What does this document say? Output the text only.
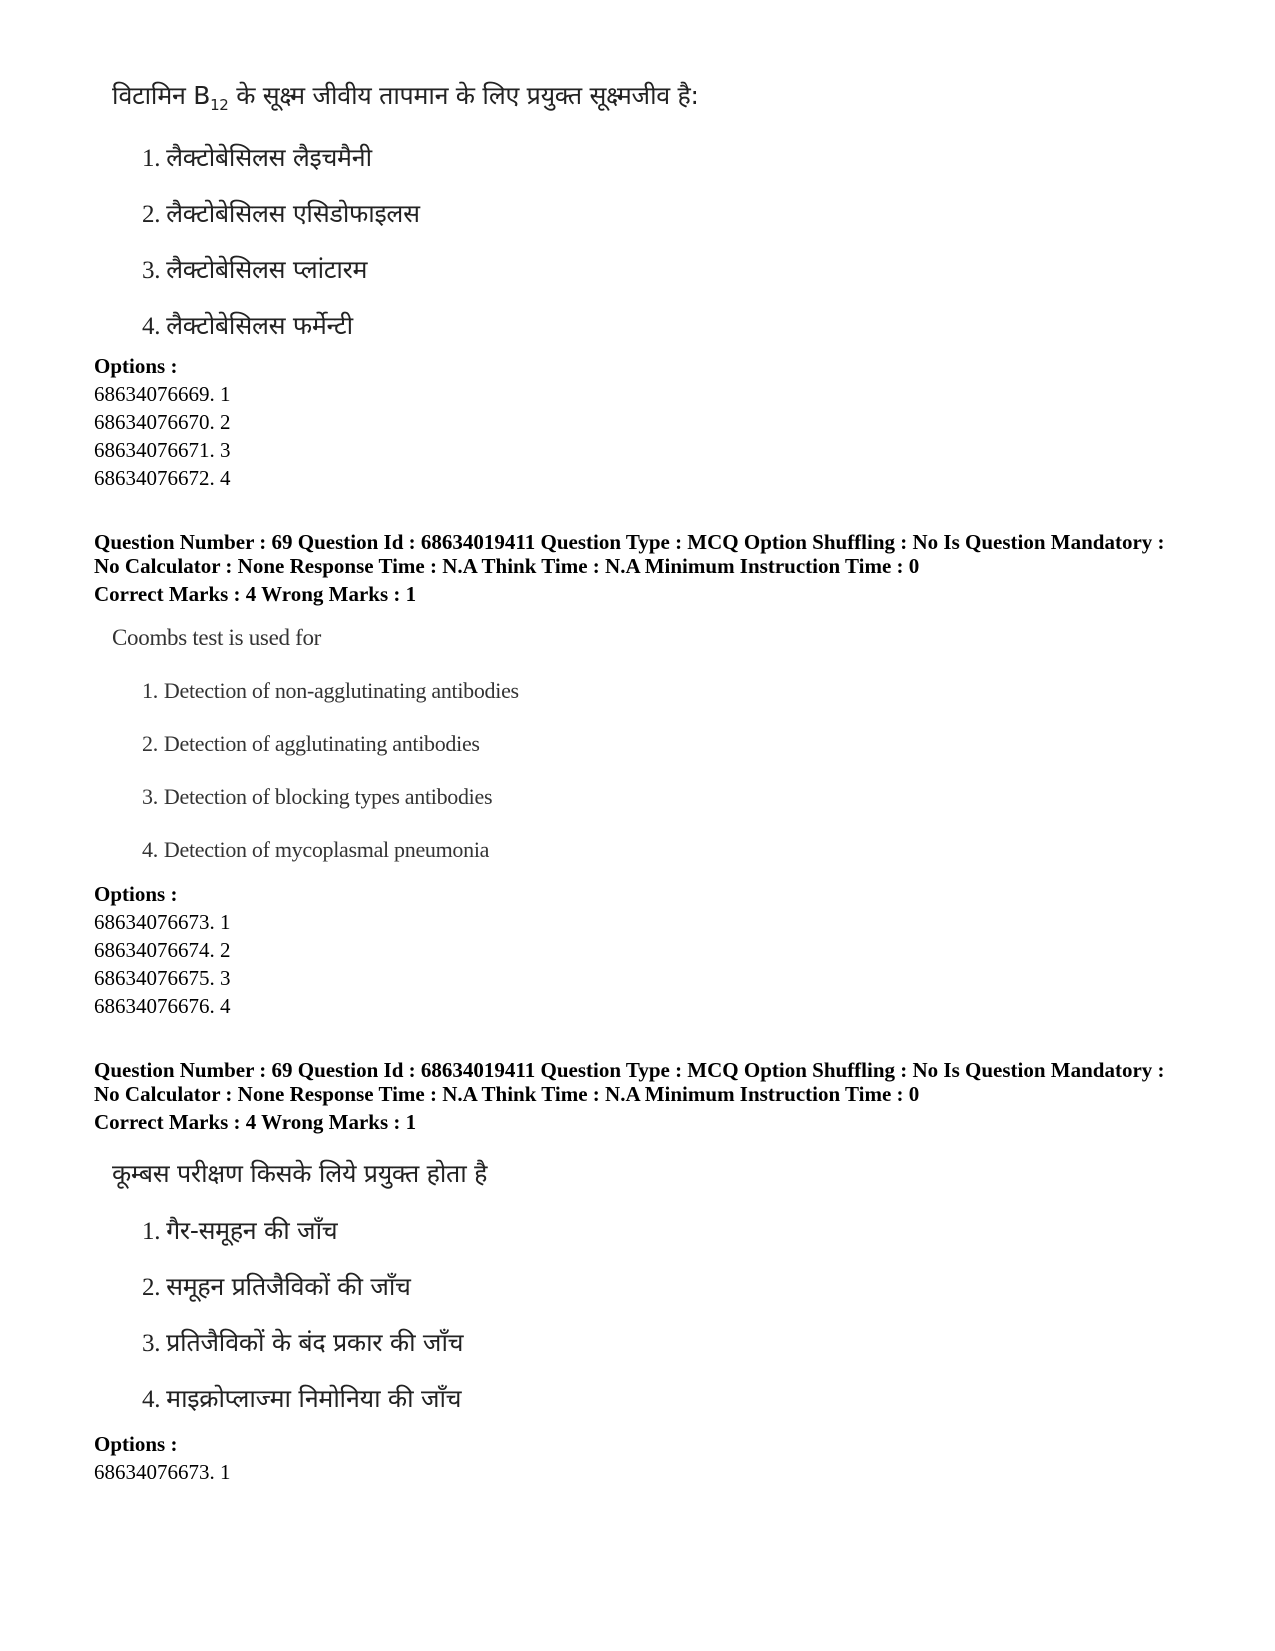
विटामिन $B_{12}$ के सूक्ष्म जीवीय तापमान के लिए प्रयुक्त सूक्ष्मजीव है:
1. लैक्टोबेसिलस लैइचमैनी
2. लैक्टोबेसिलस एसिडोफाइलस
3. लैक्टोबेसिलस प्लांटारम
4. लैक्टोबेसिलस फर्मेन्टी
Options :
68634076669. 1
68634076670. 2
68634076671. 3
68634076672. 4
Question Number : 69 Question Id : 68634019411 Question Type : MCQ Option Shuffling : No Is Question Mandatory :
No Calculator : None Response Time : N.A Think Time : N.A Minimum Instruction Time : 0
Correct Marks : 4 Wrong Marks : 1
Coombs test is used for
1. Detection of non-agglutinating antibodies
2. Detection of agglutinating antibodies
3. Detection of blocking types antibodies
4. Detection of mycoplasmal pneumonia
Options :
68634076673. 1
68634076674. 2
68634076675. 3
68634076676. 4
Question Number : 69 Question Id : 68634019411 Question Type : MCQ Option Shuffling : No Is Question Mandatory :
No Calculator : None Response Time : N.A Think Time : N.A Minimum Instruction Time : 0
Correct Marks : 4 Wrong Marks : 1
कूम्बस परीक्षण किसके लिये प्रयुक्त होता है
1. गैर-समूहन की जाँच
2. समूहन प्रतिजैविकों की जाँच
3. प्रतिजैविकों के बंद प्रकार की जाँच
4. माइक्रोप्लाज्मा निमोनिया की जाँच
Options :
68634076673. 1
